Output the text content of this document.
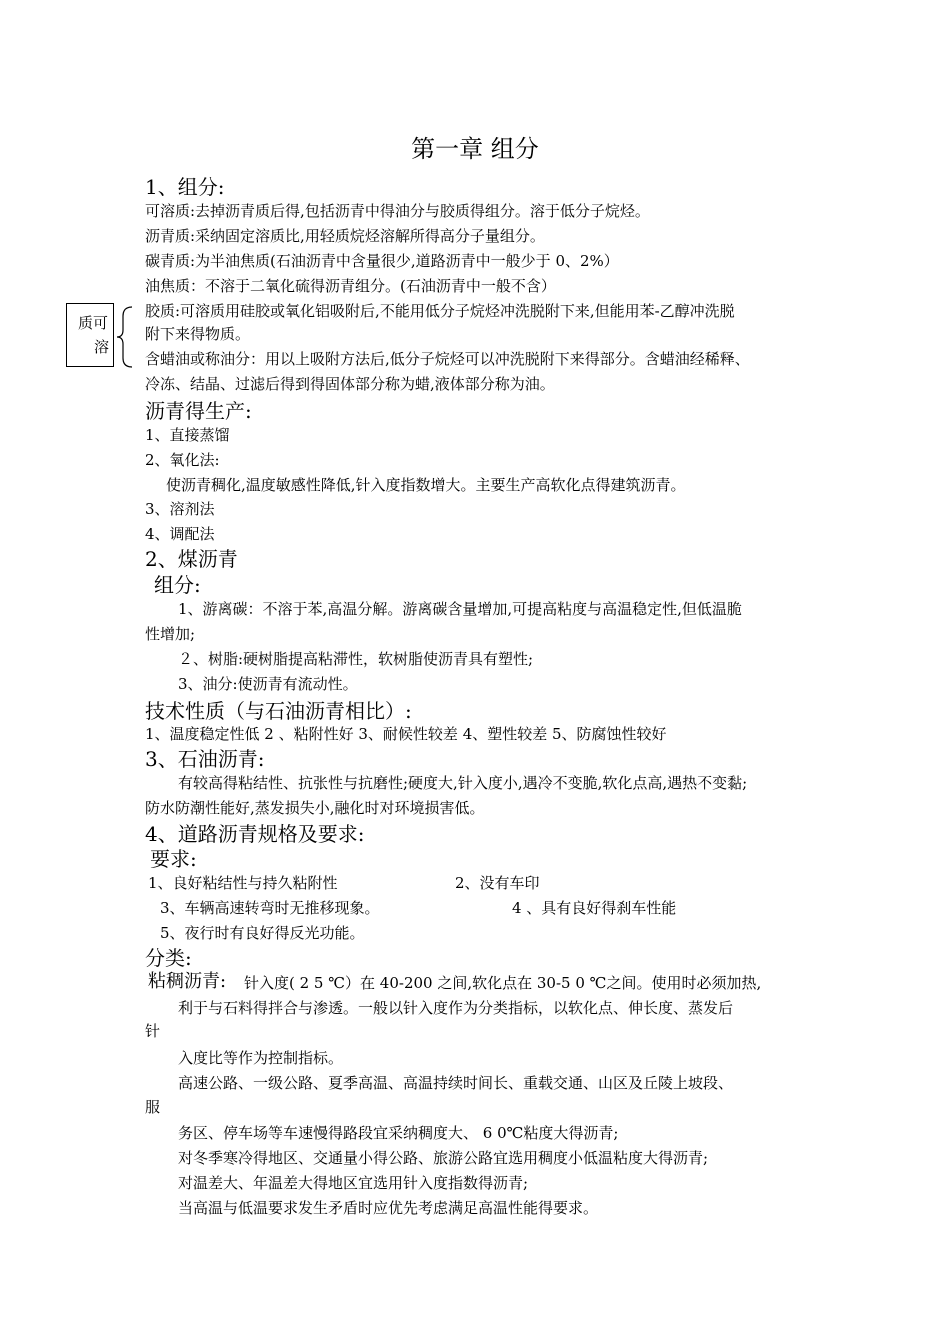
第一章 组分
1、组分:
可溶质:去掉沥青质后得,包括沥青中得油分与胶质得组分。溶于低分子烷烃。
沥青质:采纳固定溶质比,用轻质烷烃溶解所得高分子量组分。
碳青质:为半油焦质(石油沥青中含量很少,道路沥青中一般少于 0、2%）
油焦质：不溶于二氧化硫得沥青组分。(石油沥青中一般不含）
胶质:可溶质用硅胶或氧化铝吸附后,不能用低分子烷烃冲洗脱附下来,但能用苯-乙醇冲洗脱
附下来得物质。
含蜡油或称油分：用以上吸附方法后,低分子烷烃可以冲洗脱附下来得部分。含蜡油经稀释、
冷冻、结晶、过滤后得到得固体部分称为蜡,液体部分称为油。
质可
溶
沥青得生产:
1、直接蒸馏
2、氧化法:
使沥青稠化,温度敏感性降低,针入度指数增大。主要生产高软化点得建筑沥青。
3、溶剂法
4、调配法
2、煤沥青
组分:
1、游离碳：不溶于苯,高温分解。游离碳含量增加,可提高粘度与高温稳定性,但低温脆
性增加;
２、树脂:硬树脂提高粘滞性，软树脂使沥青具有塑性;
3、油分:使沥青有流动性。
技术性质（与石油沥青相比）:
1、温度稳定性低 2 、粘附性好 3、耐候性较差 4、塑性较差 5、防腐蚀性较好
3、石油沥青:
有较高得粘结性、抗张性与抗磨性;硬度大,针入度小,遇冷不变脆,软化点高,遇热不变黏;
防水防潮性能好,蒸发损失小,融化时对环境损害低。
4、道路沥青规格及要求:
要求:
1、良好粘结性与持久粘附性	2、没有车印
3、车辆高速转弯时无推移现象。	4 、具有良好得刹车性能
5、夜行时有良好得反光功能。
分类:
粘稠沥青: 针入度( 2 5 ℃）在 40-200 之间,软化点在 30-5 0 ℃之间。使用时必须加热,
利于与石料得拌合与渗透。一般以针入度作为分类指标，以软化点、伸长度、蒸发后
针
入度比等作为控制指标。
高速公路、一级公路、夏季高温、高温持续时间长、重载交通、山区及丘陵上坡段、
服
务区、停车场等车速慢得路段宜采纳稠度大、 6 0℃粘度大得沥青;
对冬季寒冷得地区、交通量小得公路、旅游公路宜选用稠度小低温粘度大得沥青;
对温差大、年温差大得地区宜选用针入度指数得沥青;
当高温与低温要求发生矛盾时应优先考虑满足高温性能得要求。
